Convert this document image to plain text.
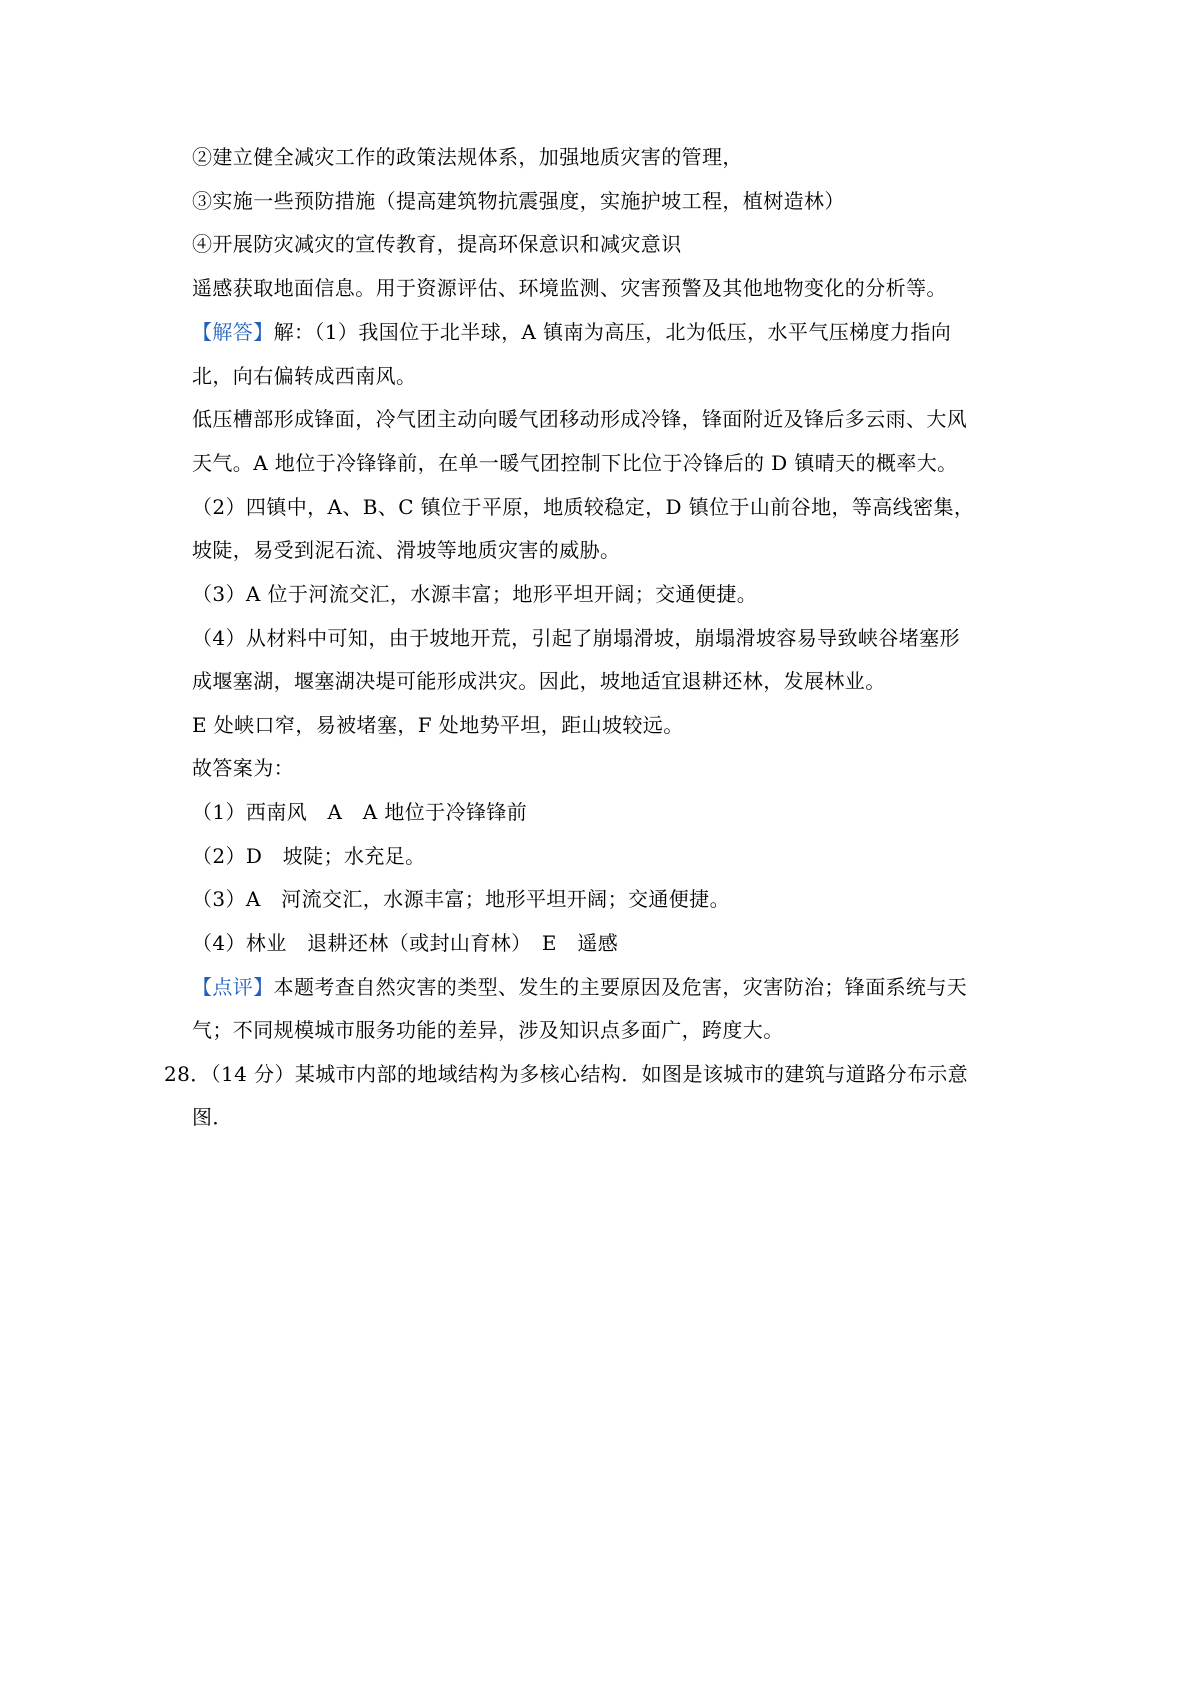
②建立健全减灾工作的政策法规体系，加强地质灾害的管理，
③实施一些预防措施（提高建筑物抗震强度，实施护坡工程，植树造林）
④开展防灾减灾的宣传教育，提高环保意识和减灾意识
遥感获取地面信息。用于资源评估、环境监测、灾害预警及其他地物变化的分析等。
【解答】解：（1）我国位于北半球，A 镇南为高压，北为低压，水平气压梯度力指向
北，向右偏转成西南风。
低压槽部形成锋面，冷气团主动向暖气团移动形成冷锋，锋面附近及锋后多云雨、大风
天气。A 地位于冷锋锋前，在单一暖气团控制下比位于冷锋后的 D 镇晴天的概率大。
（2）四镇中，A、B、C 镇位于平原，地质较稳定，D 镇位于山前谷地，等高线密集，
坡陡，易受到泥石流、滑坡等地质灾害的威胁。
（3）A 位于河流交汇，水源丰富；地形平坦开阔；交通便捷。
（4）从材料中可知，由于坡地开荒，引起了崩塌滑坡，崩塌滑坡容易导致峡谷堵塞形
成堰塞湖，堰塞湖决堤可能形成洪灾。因此，坡地适宜退耕还林，发展林业。
E 处峡口窄，易被堵塞，F 处地势平坦，距山坡较远。
故答案为：
（1）西南风　A　A 地位于冷锋锋前
（2）D　坡陡；水充足。
（3）A　河流交汇，水源丰富；地形平坦开阔；交通便捷。
（4）林业　退耕还林（或封山育林）　E　遥感
【点评】本题考查自然灾害的类型、发生的主要原因及危害，灾害防治；锋面系统与天
气；不同规模城市服务功能的差异，涉及知识点多面广，跨度大。
28．（14 分）某城市内部的地域结构为多核心结构．如图是该城市的建筑与道路分布示意
图．
